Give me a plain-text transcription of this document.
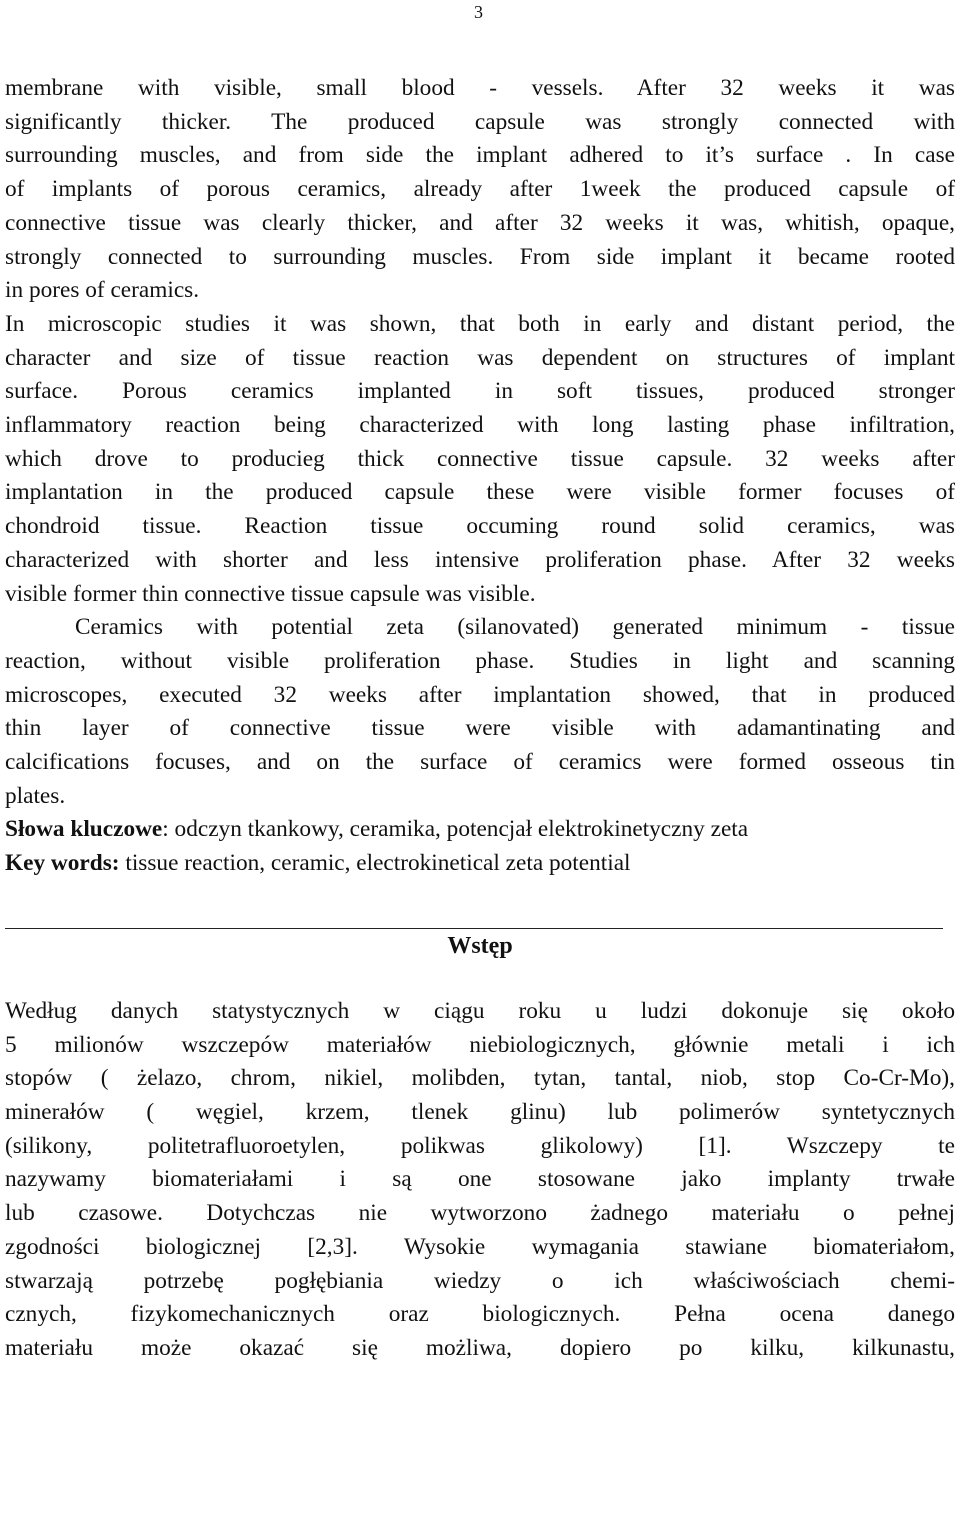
3

membrane with visible, small blood - vessels. After 32 weeks it was

significantly thicker. The produced capsule was strongly connected with

surrounding muscles, and from side the implant adhered to it’s surface . In case

of implants of porous ceramics, already after 1week the produced capsule of

connective tissue was clearly thicker, and after 32 weeks it was, whitish, opaque,

strongly connected to surrounding muscles. From side implant it became rooted

in pores of ceramics.

In microscopic studies it was shown, that both in early and distant period, the

character and size of tissue reaction was dependent on structures of implant

surface. Porous ceramics implanted in soft tissues, produced stronger

inflammatory reaction being characterized with long lasting phase infiltration,

which drove to producieg thick connective tissue capsule. 32 weeks after

implantation in the produced capsule these were visible former focuses of

chondroid tissue. Reaction tissue occuming round solid ceramics, was

characterized with shorter and less intensive proliferation phase. After 32 weeks

visible former thin connective tissue capsule was visible.

Ceramics with potential zeta (silanovated) generated minimum - tissue

reaction, without visible proliferation phase. Studies in light and scanning

microscopes, executed 32 weeks after implantation showed, that in produced

thin layer of connective tissue were visible with adamantinating and

calcifications focuses, and on the surface of ceramics were formed osseous tin

plates.

Słowa kluczowe: odczyn tkankowy, ceramika, potencjał elektrokinetyczny zeta

Key words: tissue reaction, ceramic, electrokinetical zeta potential

Wstęp

Według danych statystycznych w ciągu roku u ludzi dokonuje się około

5 milionów wszczepów materiałów niebiologicznych, głównie metali i ich

stopów ( żelazo, chrom, nikiel, molibden, tytan, tantal, niob, stop Co-Cr-Mo),

minerałów ( węgiel, krzem, tlenek glinu) lub polimerów syntetycznych

(silikony, politetrafluoroetylen, polikwas glikolowy) [1]. Wszczepy te

nazywamy biomateriałami i są one stosowane jako implanty trwałe

lub czasowe. Dotychczas nie wytworzono żadnego materiału o pełnej

zgodności biologicznej [2,3]. Wysokie wymagania stawiane biomateriałom,

stwarzają potrzebę pogłębiania wiedzy o ich właściwościach chemi-

cznych, fizykomechanicznych oraz biologicznych. Pełna ocena danego

materiału może okazać się możliwa, dopiero po kilku, kilkunastu,
